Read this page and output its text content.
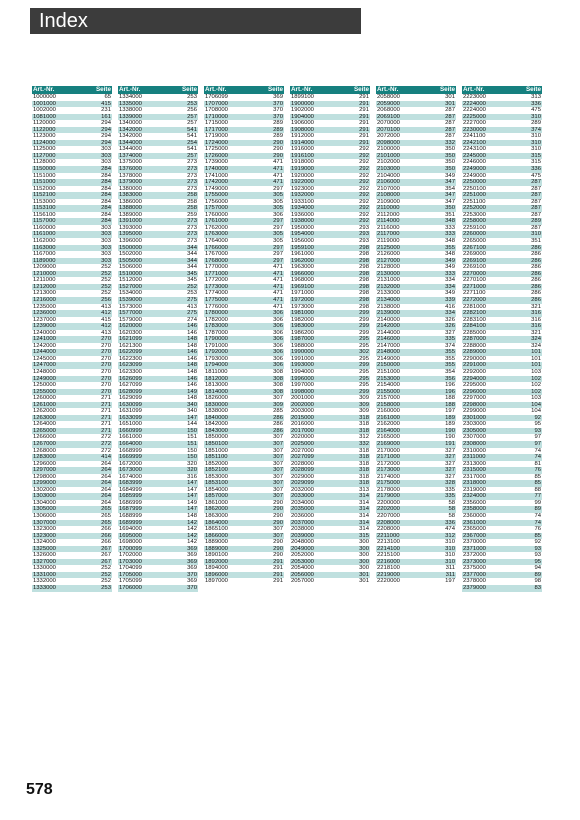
Index
Art.-Nr.	Seite
1000000	65
1001000	415
1002000	231
1081000	161
1120000	294
1122000	294
1123000	294
1124000	294
1125000	303
1127000	303
1128000	303
1150000	284
1151000	284
1151000	284
1152000	284
1152100	284
1153000	284
1153100	284
1156100	284
1157000	284
1160000	303
1161000	303
1162000	303
1163000	303
1167000	303
1189000	303
1209000	252
1210000	252
1211000	252
1212000	252
1213000	252
1216000	256
1235000	413
1236000	412
1237000	415
1239000	412
1240000	413
1241000	270
1242000	270
1244000	270
1245000	270
1247000	270
1248000	270
1249000	270
1250000	270
1255000	270
1260000	271
1261000	271
1262000	271
1263000	271
1264000	271
1265000	271
1266000	272
1267000	272
1268000	272
1283000	414
1296000	264
1297000	264
1298000	264
1299000	264
1302000	264
1303000	264
1304000	264
1305000	265
1306000	265
1307000	265
1323000	266
1323000	266
1324000	266
1325000	267
1326000	267
1327000	267
1330000	252
1331000	252
1332000	252
1333000	253
Art.-Nr.	Seite
1334000	253
1335000	253
1338000	256
1339000	257
1340000	257
1342000	541
1342000	541
1344000	254
1344000	541
1374000	257
1375000	273
1376000	273
1378000	273
1379000	273
1380000	273
1383000	258
1386000	258
1388000	258
1389000	259
1391000	273
1393000	273
1395000	273
1396000	273
1500000	344
1502000	344
1505000	344
1506000	344
1510000	345
1512000	345
1527000	252
1534000	253
1539000	275
1573000	413
1577000	275
1579000	274
1620000	146
1620300	146
1621099	148
1621300	148
1622099	146
1622300	146
1623099	148
1623300	148
1626099	146
1627099	146
1628099	149
1629099	148
1630099	340
1631099	340
1633099	147
1651000	144
1660999	150
1661000	151
1664000	151
1668999	150
1669999	150
1672000	320
1673000	320
1674000	316
1683999	147
1684999	147
1685999	147
1686999	149
1687999	147
1688999	148
1689999	142
1694000	142
1695000	142
1698000	142
1700099	369
1702000	369
1703000	369
1704099	369
1705000	370
1705099	369
1706000	370
Art.-Nr.	Seite
1706099	369
1707000	370
1708000	370
1710000	370
1715000	289
1717000	289
1719000	289
1724000	290
1725000	290
1726000	290
1739000	471
1740000	471
1741000	471
1742000	471
1749000	297
1755000	305
1756000	305
1757000	305
1760000	306
1761000	297
1762000	297
1763000	305
1764000	305
1766000	297
1767000	297
1768000	297
1770000	471
1771000	471
1772000	471
1773000	471
1774000	471
1775000	471
1776000	471
1780000	306
1782000	306
1783000	306
1787000	306
1790000	306
1791000	306
1792000	306
1793000	306
1794000	306
1811000	308
1812000	308
1813000	308
1814000	308
1826000	307
1830000	309
1838000	285
1840000	286
1842000	286
1843000	286
1850000	307
1850100	307
1851000	307
1851100	307
1852000	307
1852100	307
1853000	307
1853100	307
1854000	307
1857000	307
1861000	290
1862000	290
1863000	290
1864000	290
1865100	307
1866000	307
1889000	290
1889000	290
1890100	290
1892000	291
1894000	291
1896000	291
1897000	291
Art.-Nr.	Seite
1899100	291
1900000	291
1902000	291
1904000	291
1906000	291
1908000	291
1912000	291
1914000	291
1916000	292
1916100	292
1918000	292
1919000	292
1920000	292
1922000	292
1923000	292
1932000	292
1933100	292
1934000	292
1936000	292
1938000	292
1950000	293
1954000	293
1956000	293
1959100	298
1961000	298
1962000	298
1963000	298
1966000	298
1968000	298
1969100	298
1971000	298
1972000	298
1973000	298
1981000	299
1982000	299
1983000	299
1986200	299
1987000	295
1988000	295
1990000	302
1991000	295
1993000	299
1994000	295
1996000	295
1997000	295
1998000	299
2001000	309
2002000	309
2003000	309
2015000	318
2016000	318
2017000	318
2020000	312
2025000	332
2027000	318
2027099	318
2028000	318
2028099	318
2029000	318
2029099	318
2032000	313
2033000	314
2034000	314
2035000	314
2036000	314
2037000	314
2038000	314
2039000	315
2048000	300
2049000	300
2052000	300
2053000	300
2054000	300
2056000	301
2057000	301
Art.-Nr.	Seite
2058000	301
2059000	301
2068000	287
2069100	287
2070000	287
2070100	287
2072000	287
2098000	332
2100000	350
2101000	350
2102000	350
2103000	350
2104000	349
2106000	347
2107000	354
2108000	347
2109000	347
2110000	350
2112000	351
2114000	348
2116000	333
2117000	333
2119000	348
2125000	355
2126000	348
2127000	349
2128000	349
2130000	333
2131000	334
2132000	334
2133000	349
2134000	339
2138000	416
2139000	334
2140000	326
2142000	326
2144000	327
2146000	335
2147000	374
2148000	355
2149000	355
2150000	355
2151000	354
2153000	356
2154000	196
2155000	196
2157000	188
2158000	188
2160000	197
2161000	189
2162000	189
2164000	190
2165000	190
2169000	191
2170000	327
2171000	327
2172000	327
2173000	327
2174000	327
2175000	328
2178000	335
2179000	335
2200000	58
2202000	58
2207000	58
2208000	336
2208000	474
2211000	312
2213100	310
2214100	310
2215100	310
2216000	310
2218100	311
2219000	311
2220000	197
Art.-Nr.	Seite
2223000	313
2224000	336
2224000	475
2225000	310
2227000	289
2230000	374
2241100	310
2242100	310
2243100	310
2245000	315
2246000	315
2249000	336
2249000	475
2250000	287
2250100	287
2251000	287
2251100	287
2252000	287
2253000	287
2258000	289
2259100	287
2260000	310
2265000	351
2267100	286
2269000	286
2269100	286
2269100	286
2270000	286
2270100	286
2271000	286
2271100	286
2272000	286
2281000	321
2282100	316
2283100	316
2284100	316
2285000	321
2287000	324
2288000	324
2289000	101
2290000	101
2291000	101
2292000	103
2294000	102
2295000	102
2296000	102
2297000	103
2298000	104
2299000	104
2301000	92
2303000	95
2305000	93
2307000	97
2308000	97
2310000	74
2311000	74
2313000	81
2315000	76
2317000	85
2318000	85
2319000	88
2324000	77
2356000	99
2358000	89
2360000	74
2361000	74
2365000	76
2367000	85
2370000	92
2371000	93
2372000	93
2373000	95
2375000	94
2377000	89
2378000	98
2379000	83
578
